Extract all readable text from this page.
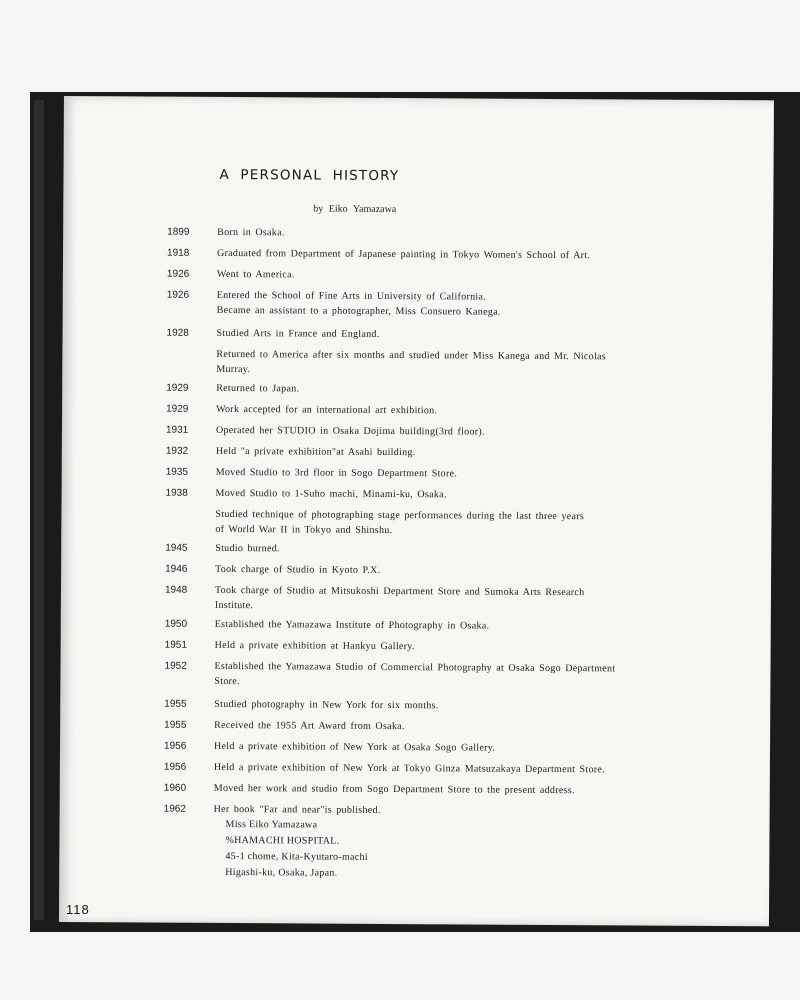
A PERSONAL HISTORY
by Eiko Yamazawa
1899	Born in Osaka.
1918	Graduated from Department of Japanese painting in Tokyo Women's School of Art.
1926	Went to America.
1926	Entered the School of Fine Arts in University of California.
Became an assistant to a photographer, Miss Consuero Kanega.
1928	Studied Arts in France and England.
Returned to America after six months and studied under Miss Kanega and Mr. Nicolas
Murray.
1929	Returned to Japan.
1929	Work accepted for an international art exhibition.
1931	Operated her STUDIO in Osaka Dojima building(3rd floor).
1932	Held "a private exhibition"at Asahi building.
1935	Moved Studio to 3rd floor in Sogo Department Store.
1938	Moved Studio to 1-Suho machi, Minami-ku, Osaka.
Studied technique of photographing stage performances during the last three years
of World War II in Tokyo and Shinshu.
1945	Studio burned.
1946	Took charge of Studio in Kyoto P.X.
1948	Took charge of Studio at Mitsukoshi Department Store and Sumoka Arts Research
Institute.
1950	Established the Yamazawa Institute of Photography in Osaka.
1951	Held a private exhibition at Hankyu Gallery.
1952	Established the Yamazawa Studio of Commercial Photography at Osaka Sogo Department
Store.
1955	Studied photography in New York for six months.
1955	Received the 1955 Art Award from Osaka.
1956	Held a private exhibition of New York at Osaka Sogo Gallery.
1956	Held a private exhibition of New York at Tokyo Ginza Matsuzakaya Department Store.
1960	Moved her work and studio from Sogo Department Store to the present address.
1962	Her book "Far and near"is published.
Miss Eiko Yamazawa
%HAMACHI HOSPITAL.
45-1 chome, Kita-Kyutaro-machi
Higashi-ku, Osaka, Japan.
118
